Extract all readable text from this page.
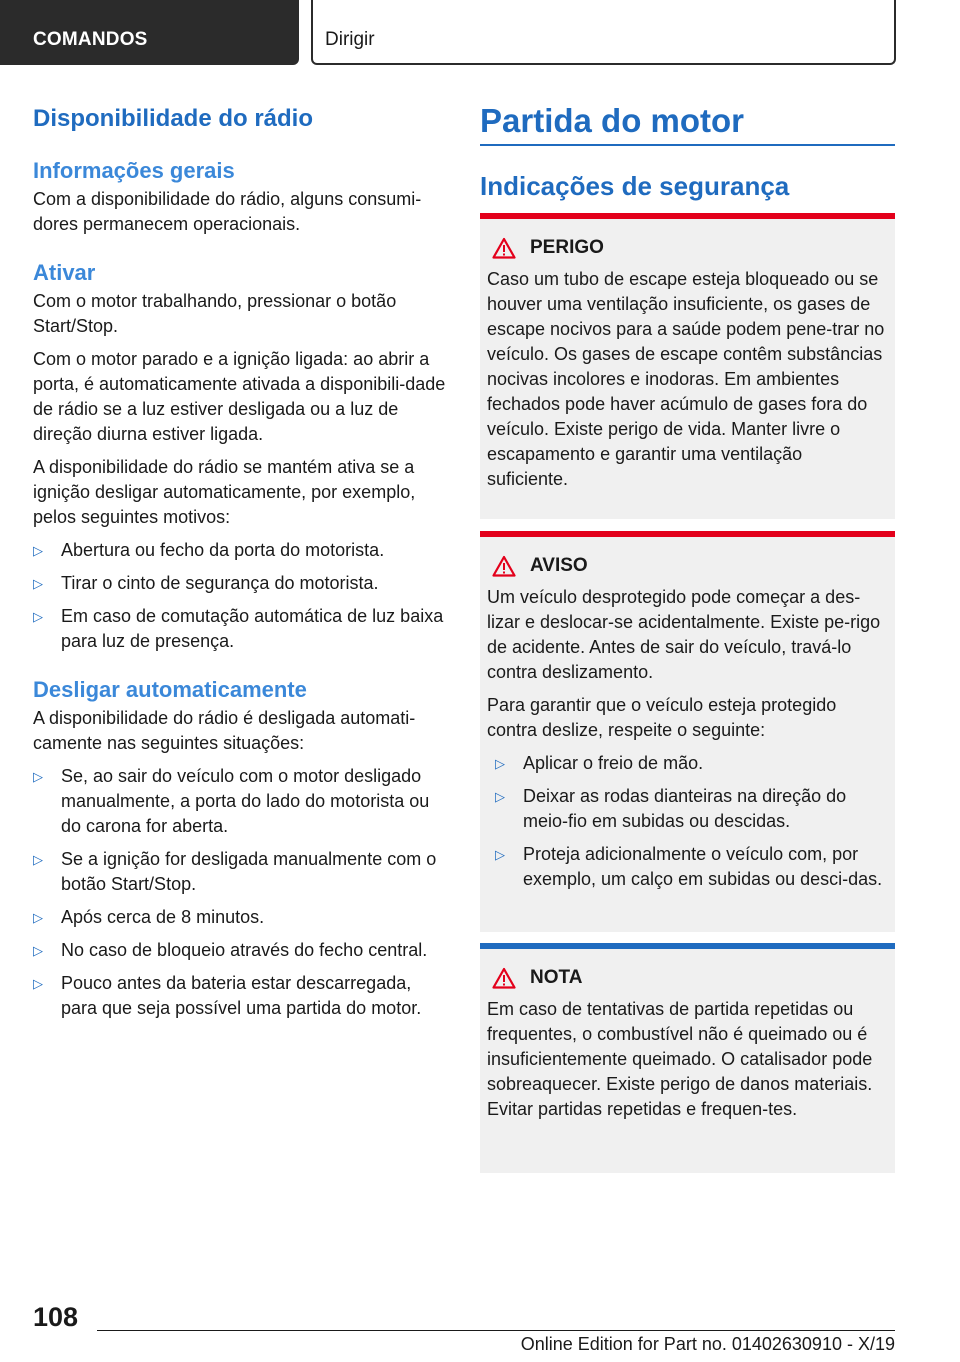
COMANDOS	Dirigir
Disponibilidade do rádio
Informações gerais

Com a disponibilidade do rádio, alguns consumi-dores permanecem operacionais.

Ativar

Com o motor trabalhando, pressionar o botão Start/Stop.

Com o motor parado e a ignição ligada: ao abrir a porta, é automaticamente ativada a disponibili-dade de rádio se a luz estiver desligada ou a luz de direção diurna estiver ligada.

A disponibilidade do rádio se mantém ativa se a ignição desligar automaticamente, por exemplo, pelos seguintes motivos:

▷ Abertura ou fecho da porta do motorista.
▷ Tirar o cinto de segurança do motorista.
▷ Em caso de comutação automática de luz baixa para luz de presença.
Desligar automaticamente

A disponibilidade do rádio é desligada automati-camente nas seguintes situações:

▷ Se, ao sair do veículo com o motor desligado manualmente, a porta do lado do motorista ou do carona for aberta.
▷ Se a ignição for desligada manualmente com o botão Start/Stop.
▷ Após cerca de 8 minutos.
▷ No caso de bloqueio através do fecho central.
▷ Pouco antes da bateria estar descarregada, para que seja possível uma partida do motor.
Partida do motor
Indicações de segurança
PERIGO

Caso um tubo de escape esteja bloqueado ou se houver uma ventilação insuficiente, os gases de escape nocivos para a saúde podem pene-trar no veículo. Os gases de escape contêm substâncias nocivas incolores e inodoras. Em ambientes fechados pode haver acúmulo de gases fora do veículo. Existe perigo de vida. Manter livre o escapamento e garantir uma ventilação suficiente.

AVISO

Um veículo desprotegido pode começar a des-lizar e deslocar-se acidentalmente. Existe pe-rigo de acidente. Antes de sair do veículo, travá-lo contra deslizamento.

Para garantir que o veículo esteja protegido contra deslize, respeite o seguinte:

▷ Aplicar o freio de mão.
▷ Deixar as rodas dianteiras na direção do meio-fio em subidas ou descidas.
▷ Proteja adicionalmente o veículo com, por exemplo, um calço em subidas ou desci-das.
NOTA

Em caso de tentativas de partida repetidas ou frequentes, o combustível não é queimado ou é insuficientemente queimado. O catalisador pode sobreaquecer. Existe perigo de danos materiais. Evitar partidas repetidas e frequen-tes.

108
Online Edition for Part no. 01402630910 - X/19
